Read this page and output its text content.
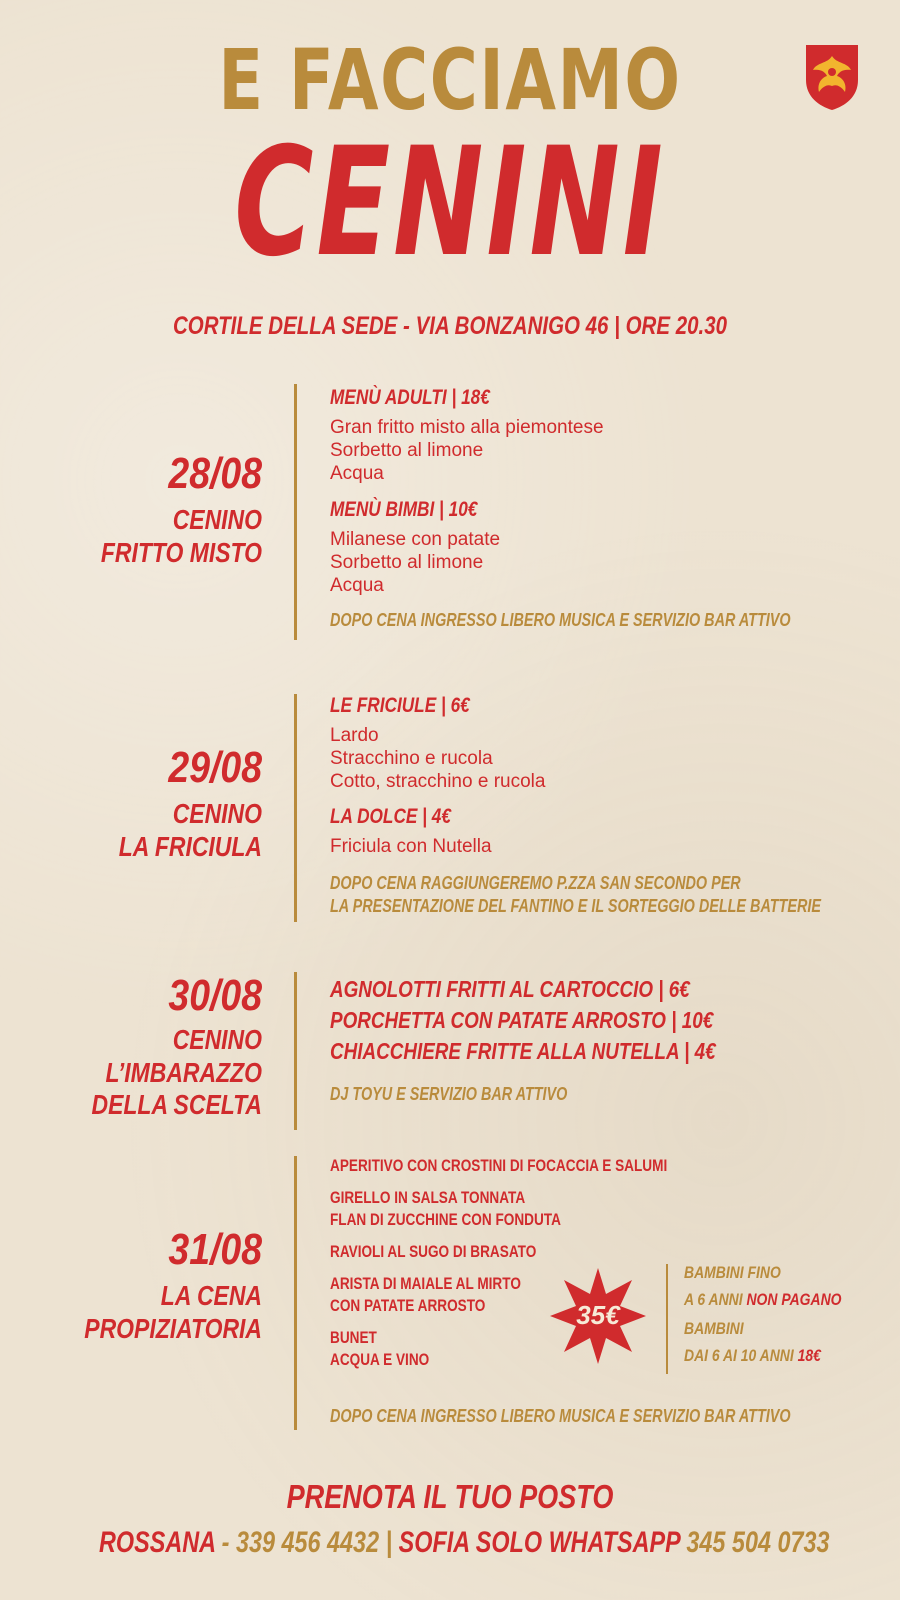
E FACCIAMO
CENINI
CORTILE DELLA SEDE - VIA BONZANIGO 46 | ORE 20.30
28/08
CENINO
FRITTO MISTO
MENÙ ADULTI | 18€
Gran fritto misto alla piemontese
Sorbetto al limone
Acqua
MENÙ BIMBI | 10€
Milanese con patate
Sorbetto al limone
Acqua
DOPO CENA INGRESSO LIBERO MUSICA E SERVIZIO BAR ATTIVO
29/08
CENINO
LA FRICIULA
LE FRICIULE | 6€
Lardo
Stracchino e rucola
Cotto, stracchino e rucola
LA DOLCE | 4€
Friciula con Nutella
DOPO CENA RAGGIUNGEREMO P.ZZA SAN SECONDO PER
LA PRESENTAZIONE DEL FANTINO E IL SORTEGGIO DELLE BATTERIE
30/08
CENINO
L’IMBARAZZO
DELLA SCELTA
AGNOLOTTI FRITTI AL CARTOCCIO | 6€
PORCHETTA CON PATATE ARROSTO | 10€
CHIACCHIERE FRITTE ALLA NUTELLA | 4€
DJ TOYU E SERVIZIO BAR ATTIVO
31/08
LA CENA
PROPIZIATORIA
APERITIVO CON CROSTINI DI FOCACCIA E SALUMI
GIRELLO IN SALSA TONNATA
FLAN DI ZUCCHINE CON FONDUTA
RAVIOLI AL SUGO DI BRASATO
ARISTA DI MAIALE AL MIRTO
CON PATATE ARROSTO
BUNET
ACQUA E VINO
35€
BAMBINI FINO
A 6 ANNI NON PAGANO
BAMBINI
DAI 6 AI 10 ANNI 18€
DOPO CENA INGRESSO LIBERO MUSICA E SERVIZIO BAR ATTIVO
PRENOTA IL TUO POSTO
ROSSANA - 339 456 4432 | SOFIA SOLO WHATSAPP 345 504 0733
